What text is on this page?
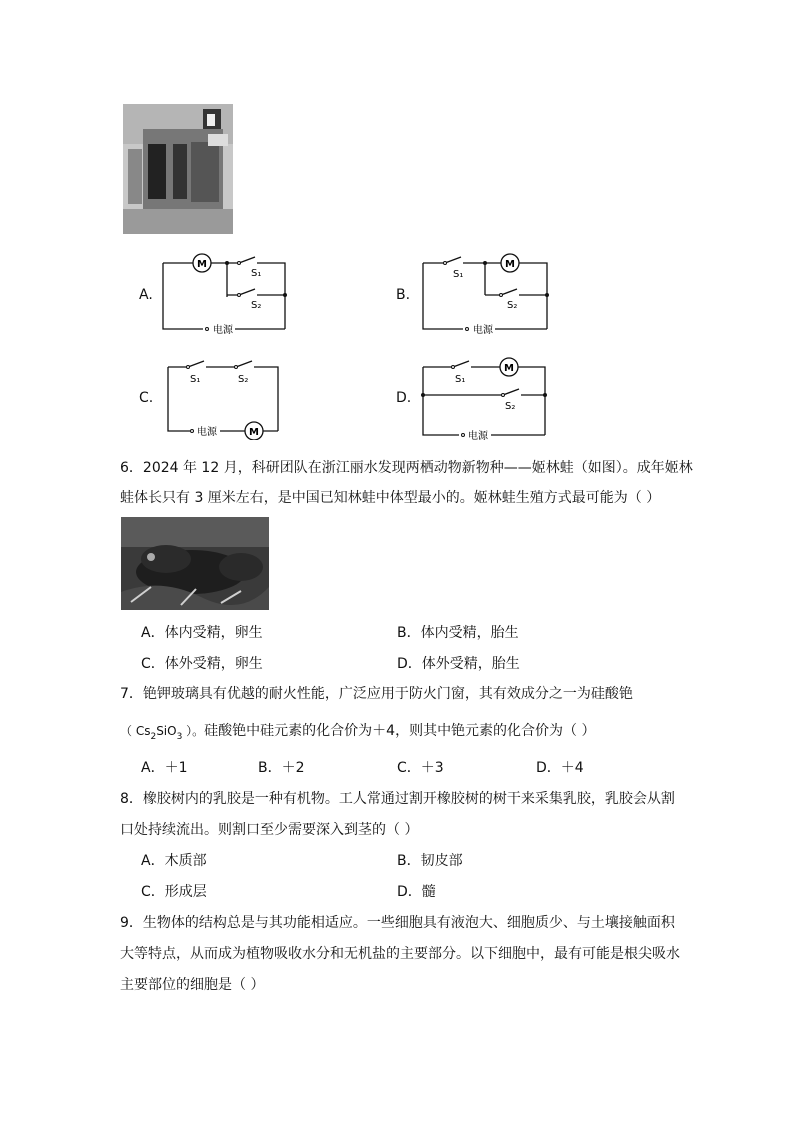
A.	B.
C.	D.
M
S₁
S₂
电源
M
S₁
S₂
电源
S₁	S₂
电源	M
M
S₁
S₂
电源
6．2024 年 12 月，科研团队在浙江丽水发现两栖动物新物种——姬林蛙（如图）。成年姬林
蛙体长只有 3 厘米左右，是中国已知林蛙中体型最小的。姬林蛙生殖方式最可能为（ ）
A．体内受精，卵生	B．体内受精，胎生
C．体外受精，卵生	D．体外受精，胎生
7．铯钾玻璃具有优越的耐火性能，广泛应用于防火门窗，其有效成分之一为硅酸铯
（ $Cs_2SiO_3$ ）。硅酸铯中硅元素的化合价为＋4，则其中铯元素的化合价为（ ）
A．＋1	B．＋2	C．＋3	D．＋4
8．橡胶树内的乳胶是一种有机物。工人常通过割开橡胶树的树干来采集乳胶，乳胶会从割
口处持续流出。则割口至少需要深入到茎的（ ）
A．木质部	B．韧皮部
C．形成层	D．髓
9．生物体的结构总是与其功能相适应。一些细胞具有液泡大、细胞质少、与土壤接触面积
大等特点，从而成为植物吸收水分和无机盐的主要部分。以下细胞中，最有可能是根尖吸水
主要部位的细胞是（ ）
